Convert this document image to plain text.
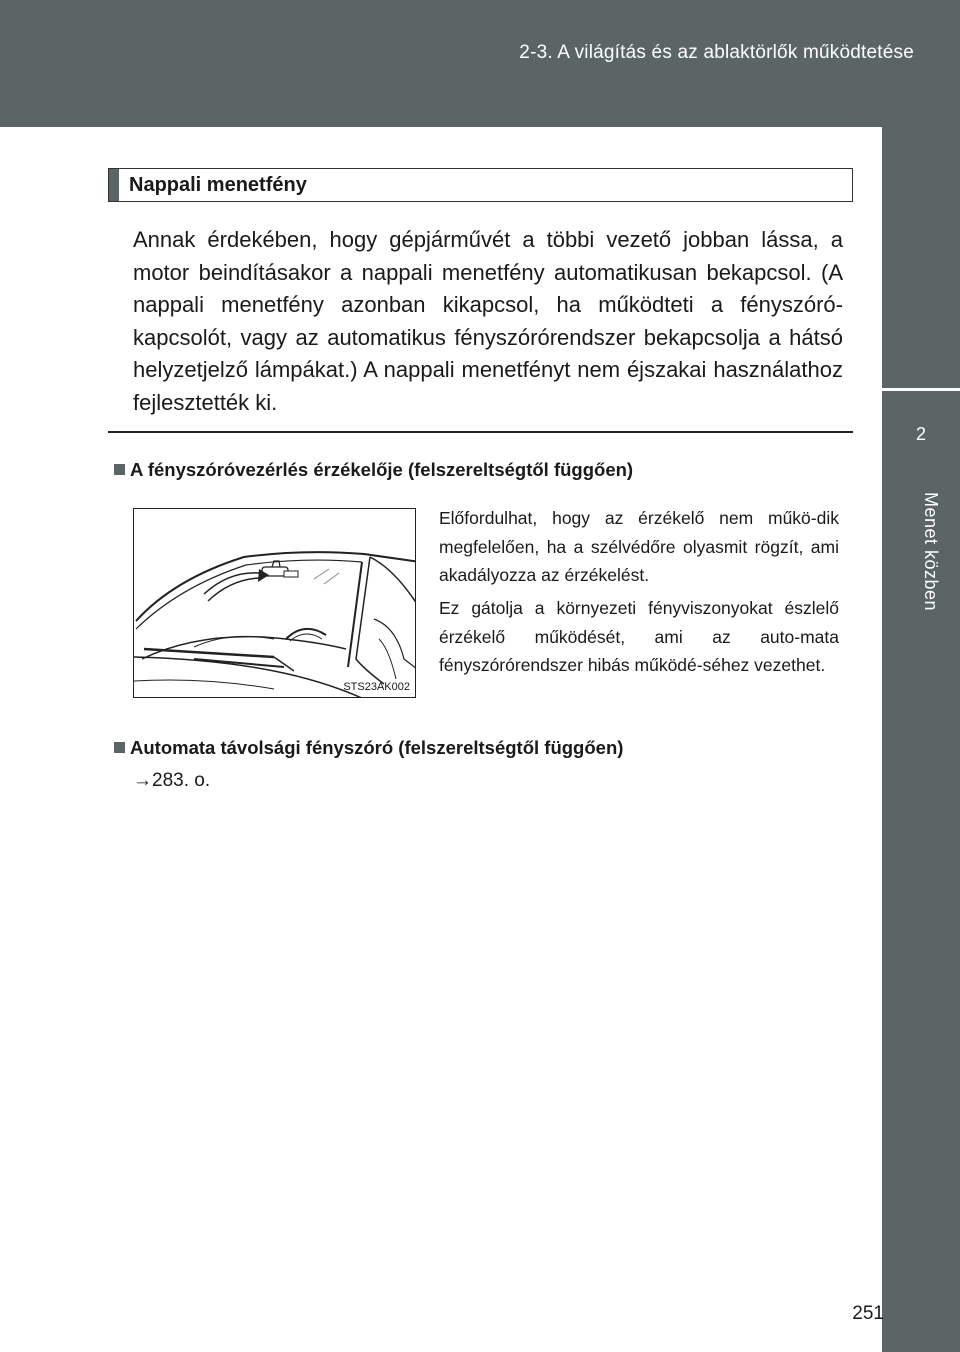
2-3. A világítás és az ablaktörlők működtetése
2
Menet közben
Nappali menetfény

Annak érdekében, hogy gépjárművét a többi vezető jobban lássa, a motor beindításakor a nappali menetfény automatikusan bekapcsol. (A nappali menetfény azonban kikapcsol, ha működteti a fényszóró-kapcsolót, vagy az automatikus fényszórórendszer bekapcsolja a hátsó helyzetjelző lámpákat.) A nappali menetfényt nem éjszakai használathoz fejlesztették ki.

A fényszóróvezérlés érzékelője (felszereltségtől függően)
STS23AK002

Előfordulhat, hogy az érzékelő nem műkö-dik megfelelően, ha a szélvédőre olyasmit rögzít, ami akadályozza az érzékelést.

Ez gátolja a környezeti fényviszonyokat észlelő érzékelő működését, ami az auto-mata fényszórórendszer hibás működé-séhez vezethet.

Automata távolsági fényszóró (felszereltségtől függően)
→283. o.
251
